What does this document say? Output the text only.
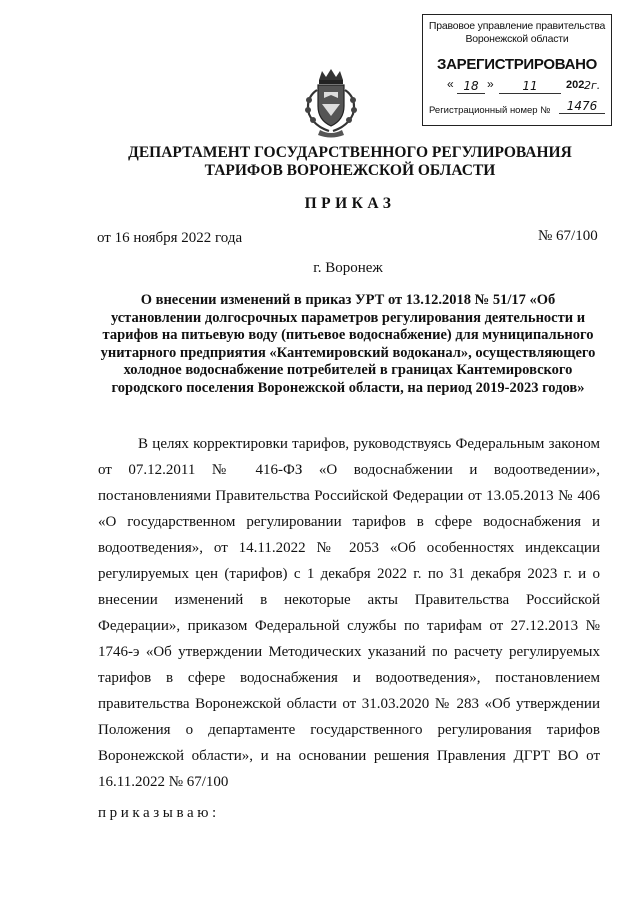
Правовое управление правительства
Воронежской области
ЗАРЕГИСТРИРОВАНО
« 18 »	11	202 2г.
Регистрационный номер №	1476
ДЕПАРТАМЕНТ ГОСУДАРСТВЕННОГО РЕГУЛИРОВАНИЯ
ТАРИФОВ ВОРОНЕЖСКОЙ ОБЛАСТИ
ПРИКАЗ
от 16 ноября 2022 года	№ 67/100
г. Воронеж
О внесении изменений в приказ УРТ от 13.12.2018 № 51/17 «Об установлении долгосрочных параметров регулирования деятельности и тарифов на питьевую воду (питьевое водоснабжение) для муниципального унитарного предприятия «Кантемировский водоканал», осуществляющего холодное водоснабжение потребителей в границах Кантемировского городского поселения Воронежской области, на период 2019-2023 годов»
В целях корректировки тарифов, руководствуясь Федеральным законом от 07.12.2011 № 416-ФЗ «О водоснабжении и водоотведении», постановлениями Правительства Российской Федерации от 13.05.2013 № 406 «О государственном регулировании тарифов в сфере водоснабжения и водоотведения», от 14.11.2022 № 2053 «Об особенностях индексации регулируемых цен (тарифов) с 1 декабря 2022 г. по 31 декабря 2023 г. и о внесении изменений в некоторые акты Правительства Российской Федерации», приказом Федеральной службы по тарифам от 27.12.2013 № 1746-э «Об утверждении Методических указаний по расчету регулируемых тарифов в сфере водоснабжения и водоотведения», постановлением правительства Воронежской области от 31.03.2020 № 283 «Об утверждении Положения о департаменте государственного регулирования тарифов Воронежской области», и на основании решения Правления ДГРТ ВО от 16.11.2022 № 67/100
приказываю:
